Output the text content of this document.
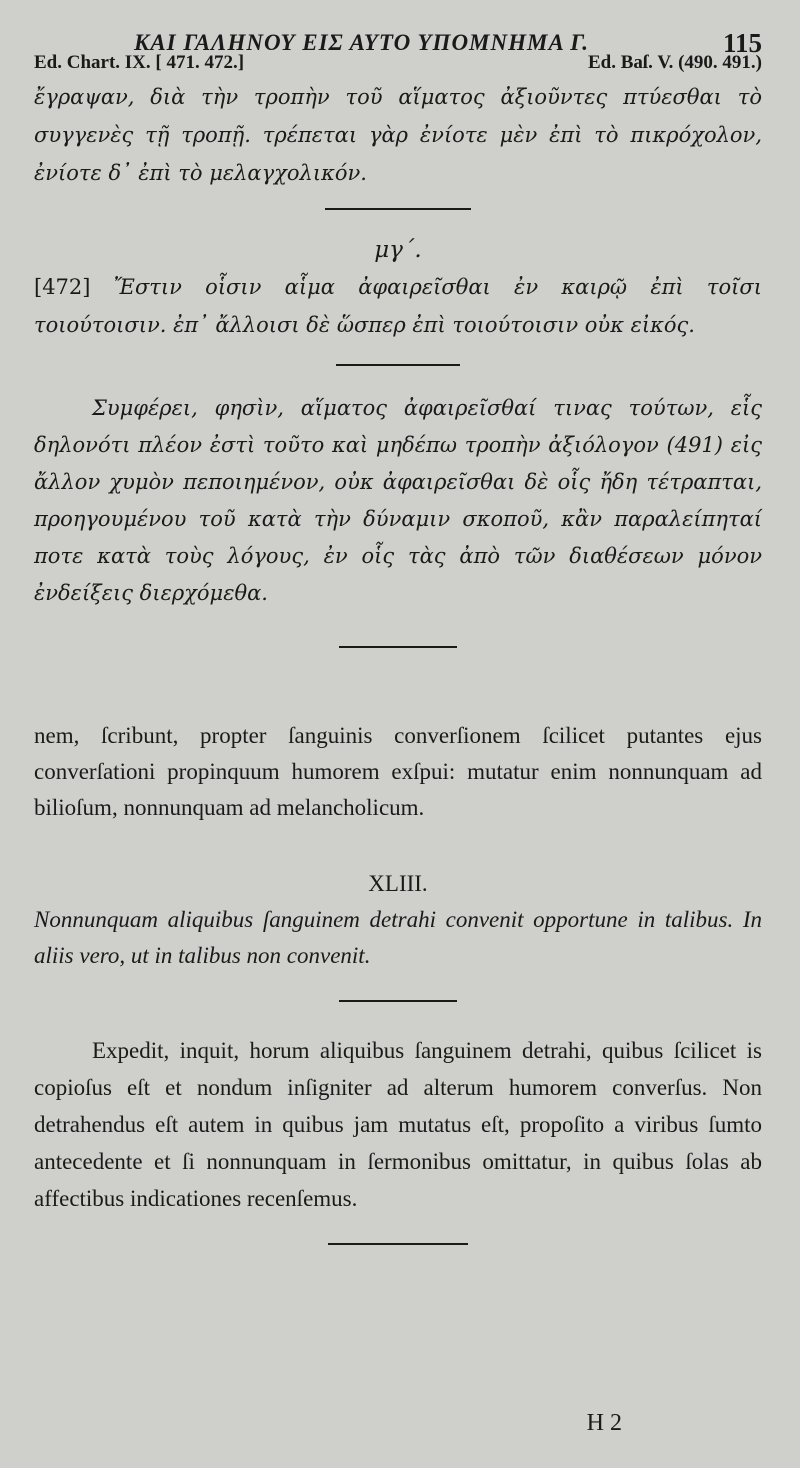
ΚΑΙ ΓΑΛΗΝΟΥ ΕΙΣ ΑΥΤΟ ΥΠΟΜΝΗΜΑ Γ.	115
Ed. Chart. IX. [ 471. 472.]	Ed. Baſ. V. (490. 491.)

ἔγραψαν, διὰ τὴν τροπὴν τοῦ αἵματος ἀξιοῦντες πτύεσθαι τὸ συγγενὲς τῇ τροπῇ. τρέπεται γὰρ ἐνίοτε μὲν ἐπὶ τὸ πικρόχολον, ἐνίοτε δ᾽ ἐπὶ τὸ μελαγχολικόν.

μγ´.

[472] Ἔστιν οἷσιν αἷμα ἀφαιρεῖσθαι ἐν καιρῷ ἐπὶ τοῖσι τοιούτοισιν. ἐπ᾽ ἄλλοισι δὲ ὥσπερ ἐπὶ τοιούτοισιν οὐκ εἰκός.

Συμφέρει, φησὶν, αἵματος ἀφαιρεῖσθαί τινας τούτων, εἷς δηλονότι πλέον ἐστὶ τοῦτο καὶ μηδέπω τροπὴν ἀξιόλογον (491) εἰς ἄλλον χυμὸν πεποιημένον, οὐκ ἀφαιρεῖσθαι δὲ οἷς ἤδη τέτραπται, προηγουμένου τοῦ κατὰ τὴν δύναμιν σκοποῦ, κἂν παραλείπηταί ποτε κατὰ τοὺς λόγους, ἐν οἷς τὰς ἀπὸ τῶν διαθέσεων μόνον ἐνδείξεις διερχόμεθα.

nem, ſcribunt, propter ſanguinis converſionem ſcilicet putantes ejus converſationi propinquum humorem exſpui: mutatur enim nonnunquam ad bilioſum, nonnunquam ad melancholicum.

XLIII.

Nonnunquam aliquibus ſanguinem detrahi convenit opportune in talibus. In aliis vero, ut in talibus non convenit.

Expedit, inquit, horum aliquibus ſanguinem detrahi, quibus ſcilicet is copioſus eſt et nondum inſigniter ad alterum humorem converſus. Non detrahendus eſt autem in quibus jam mutatus eſt, propoſito a viribus ſumto antecedente et ſi nonnunquam in ſermonibus omittatur, in quibus ſolas ab affectibus indicationes recenſemus.

H 2
